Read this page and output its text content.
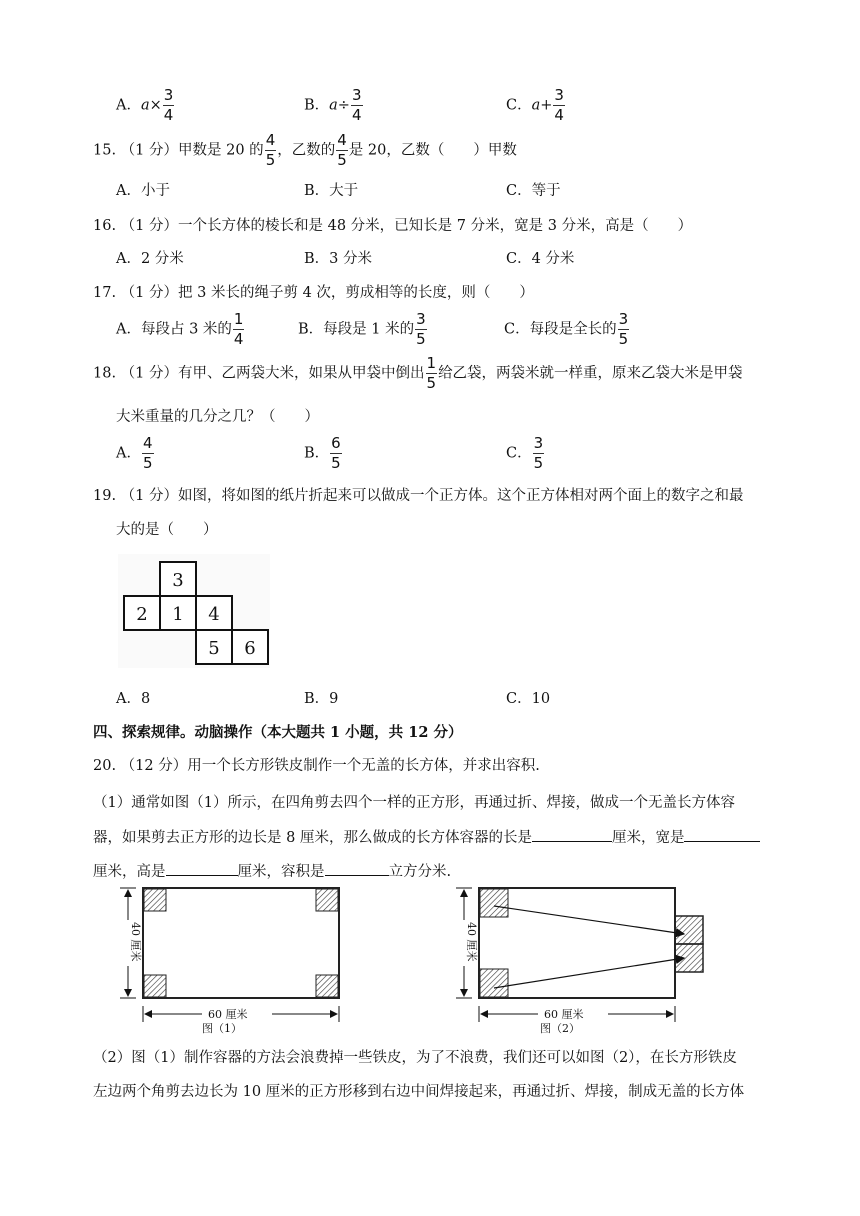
A．$a\times \frac{3}{4}$	B．$a\div \frac{3}{4}$	C．$a+ \frac{3}{4}$
15. （1 分）甲数是 20 的 $\frac{4}{5}$ ，乙数的 $\frac{4}{5}$ 是 20，乙数（　　）甲数
A．小于	B．大于	C．等于
16. （1 分）一个长方体的棱长和是 48 分米，已知长是 7 分米，宽是 3 分米，高是（　　）
A．2 分米	B．3 分米	C．4 分米
17. （1 分）把 3 米长的绳子剪 4 次，剪成相等的长度，则（　　）
A．每段占 3 米的 $\frac{1}{4}$	B．每段是 1 米的 $\frac{3}{5}$	C．每段是全长的 $\frac{3}{5}$
18. （1 分）有甲、乙两袋大米，如果从甲袋中倒出 $\frac{1}{5}$ 给乙袋，两袋米就一样重，原来乙袋大米是甲袋
大米重量的几分之几？（　　）
A． $\frac{4}{5}$	B． $\frac{6}{5}$	C． $\frac{3}{5}$
19. （1 分）如图，将如图的纸片折起来可以做成一个正方体。这个正方体相对两个面上的数字之和最
大的是（　　）
3
2 1 4
5 6
A．8	B．9	C．10
四、探索规律。动脑操作（本大题共 1 小题，共 12 分）
20. （12 分）用一个长方形铁皮制作一个无盖的长方体，并求出容积.
（1）通常如图（1）所示，在四角剪去四个一样的正方形，再通过折、焊接，做成一个无盖长方体容
器，如果剪去正方形的边长是 8 厘米，那么做成的长方体容器的长是	厘米，宽是
厘米，高是	厘米，容积是	立方分米.
40 厘米
60 厘米
图（1）
40 厘米
60 厘米
图（2）
（2）图（1）制作容器的方法会浪费掉一些铁皮，为了不浪费，我们还可以如图（2），在长方形铁皮
左边两个角剪去边长为 10 厘米的正方形移到右边中间焊接起来，再通过折、焊接，制成无盖的长方体
